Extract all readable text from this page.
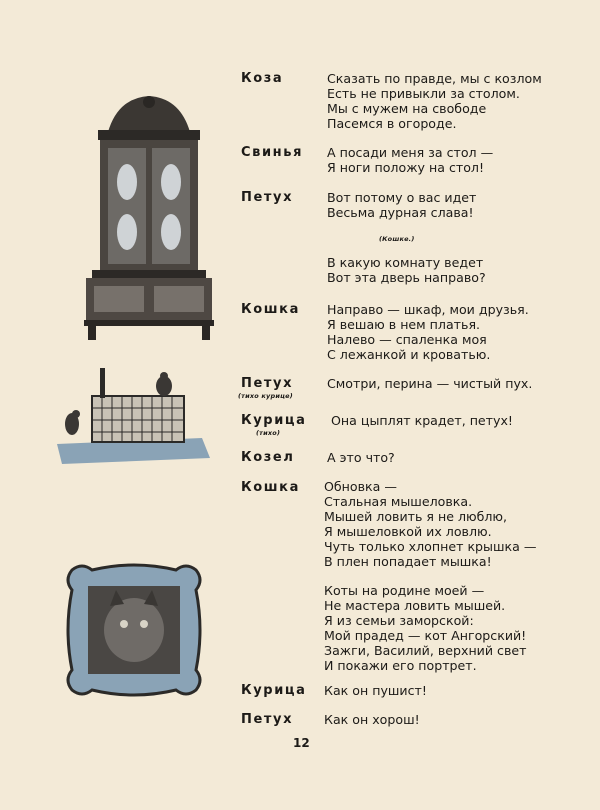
Коза	Сказать по правде, мы с козлом
Есть не привыкли за столом.
Мы с мужем на свободе
Пасемся в огороде.
Свинья А посади меня за стол —
Я ноги положу на стол!
Петух	Вот потому о вас идет
Весьма дурная слава!
(Кошке.)
В какую комнату ведет
Вот эта дверь направо?
Кошка Направо — шкаф, мои друзья.
Я вешаю в нем платья.
Налево — спаленка моя
С лежанкой и кроватью.
Петух
(тихо курице)
Смотри, перина — чистый пух.
Курица
(тихо)
Она цыплят крадет, петух!
Козел	А это что?
Кошка Обновка —
Стальная мышеловка.
Мышей ловить я не люблю,
Я мышеловкой их ловлю.
Чуть только хлопнет крышка —
В плен попадает мышка!
Коты на родине моей —
Не мастера ловить мышей.
Я из семьи заморской:
Мой прадед — кот Ангорский!
Зажги, Василий, верхний свет
И покажи его портрет.
Курица Как он пушист!
Петух Как он хорош!
12
